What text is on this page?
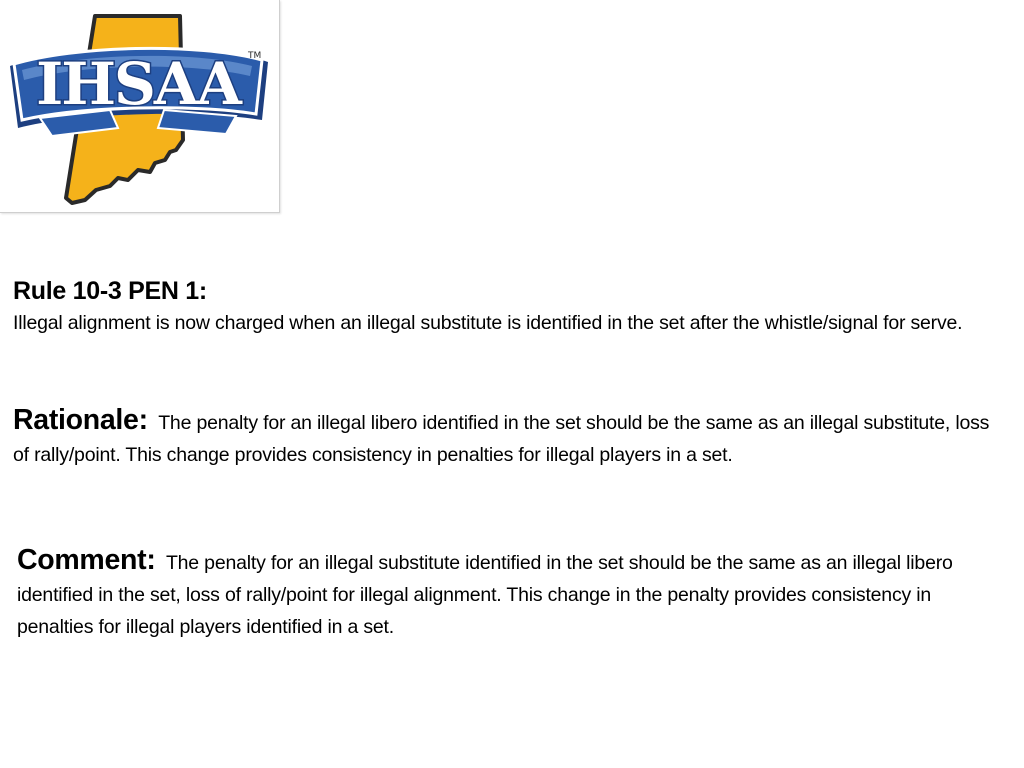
IHSAA TM
Rule 10-3 PEN 1:
Illegal alignment is now charged when an illegal substitute is identified in the set after the whistle/signal for serve.

Rationale: The penalty for an illegal libero identified in the set should be the same as an illegal substitute, loss of rally/point. This change provides consistency in penalties for illegal players in a set.

Comment: The penalty for an illegal substitute identified in the set should be the same as an illegal libero identified in the set, loss of rally/point for illegal alignment. This change in the penalty provides consistency in penalties for illegal players identified in a set.
